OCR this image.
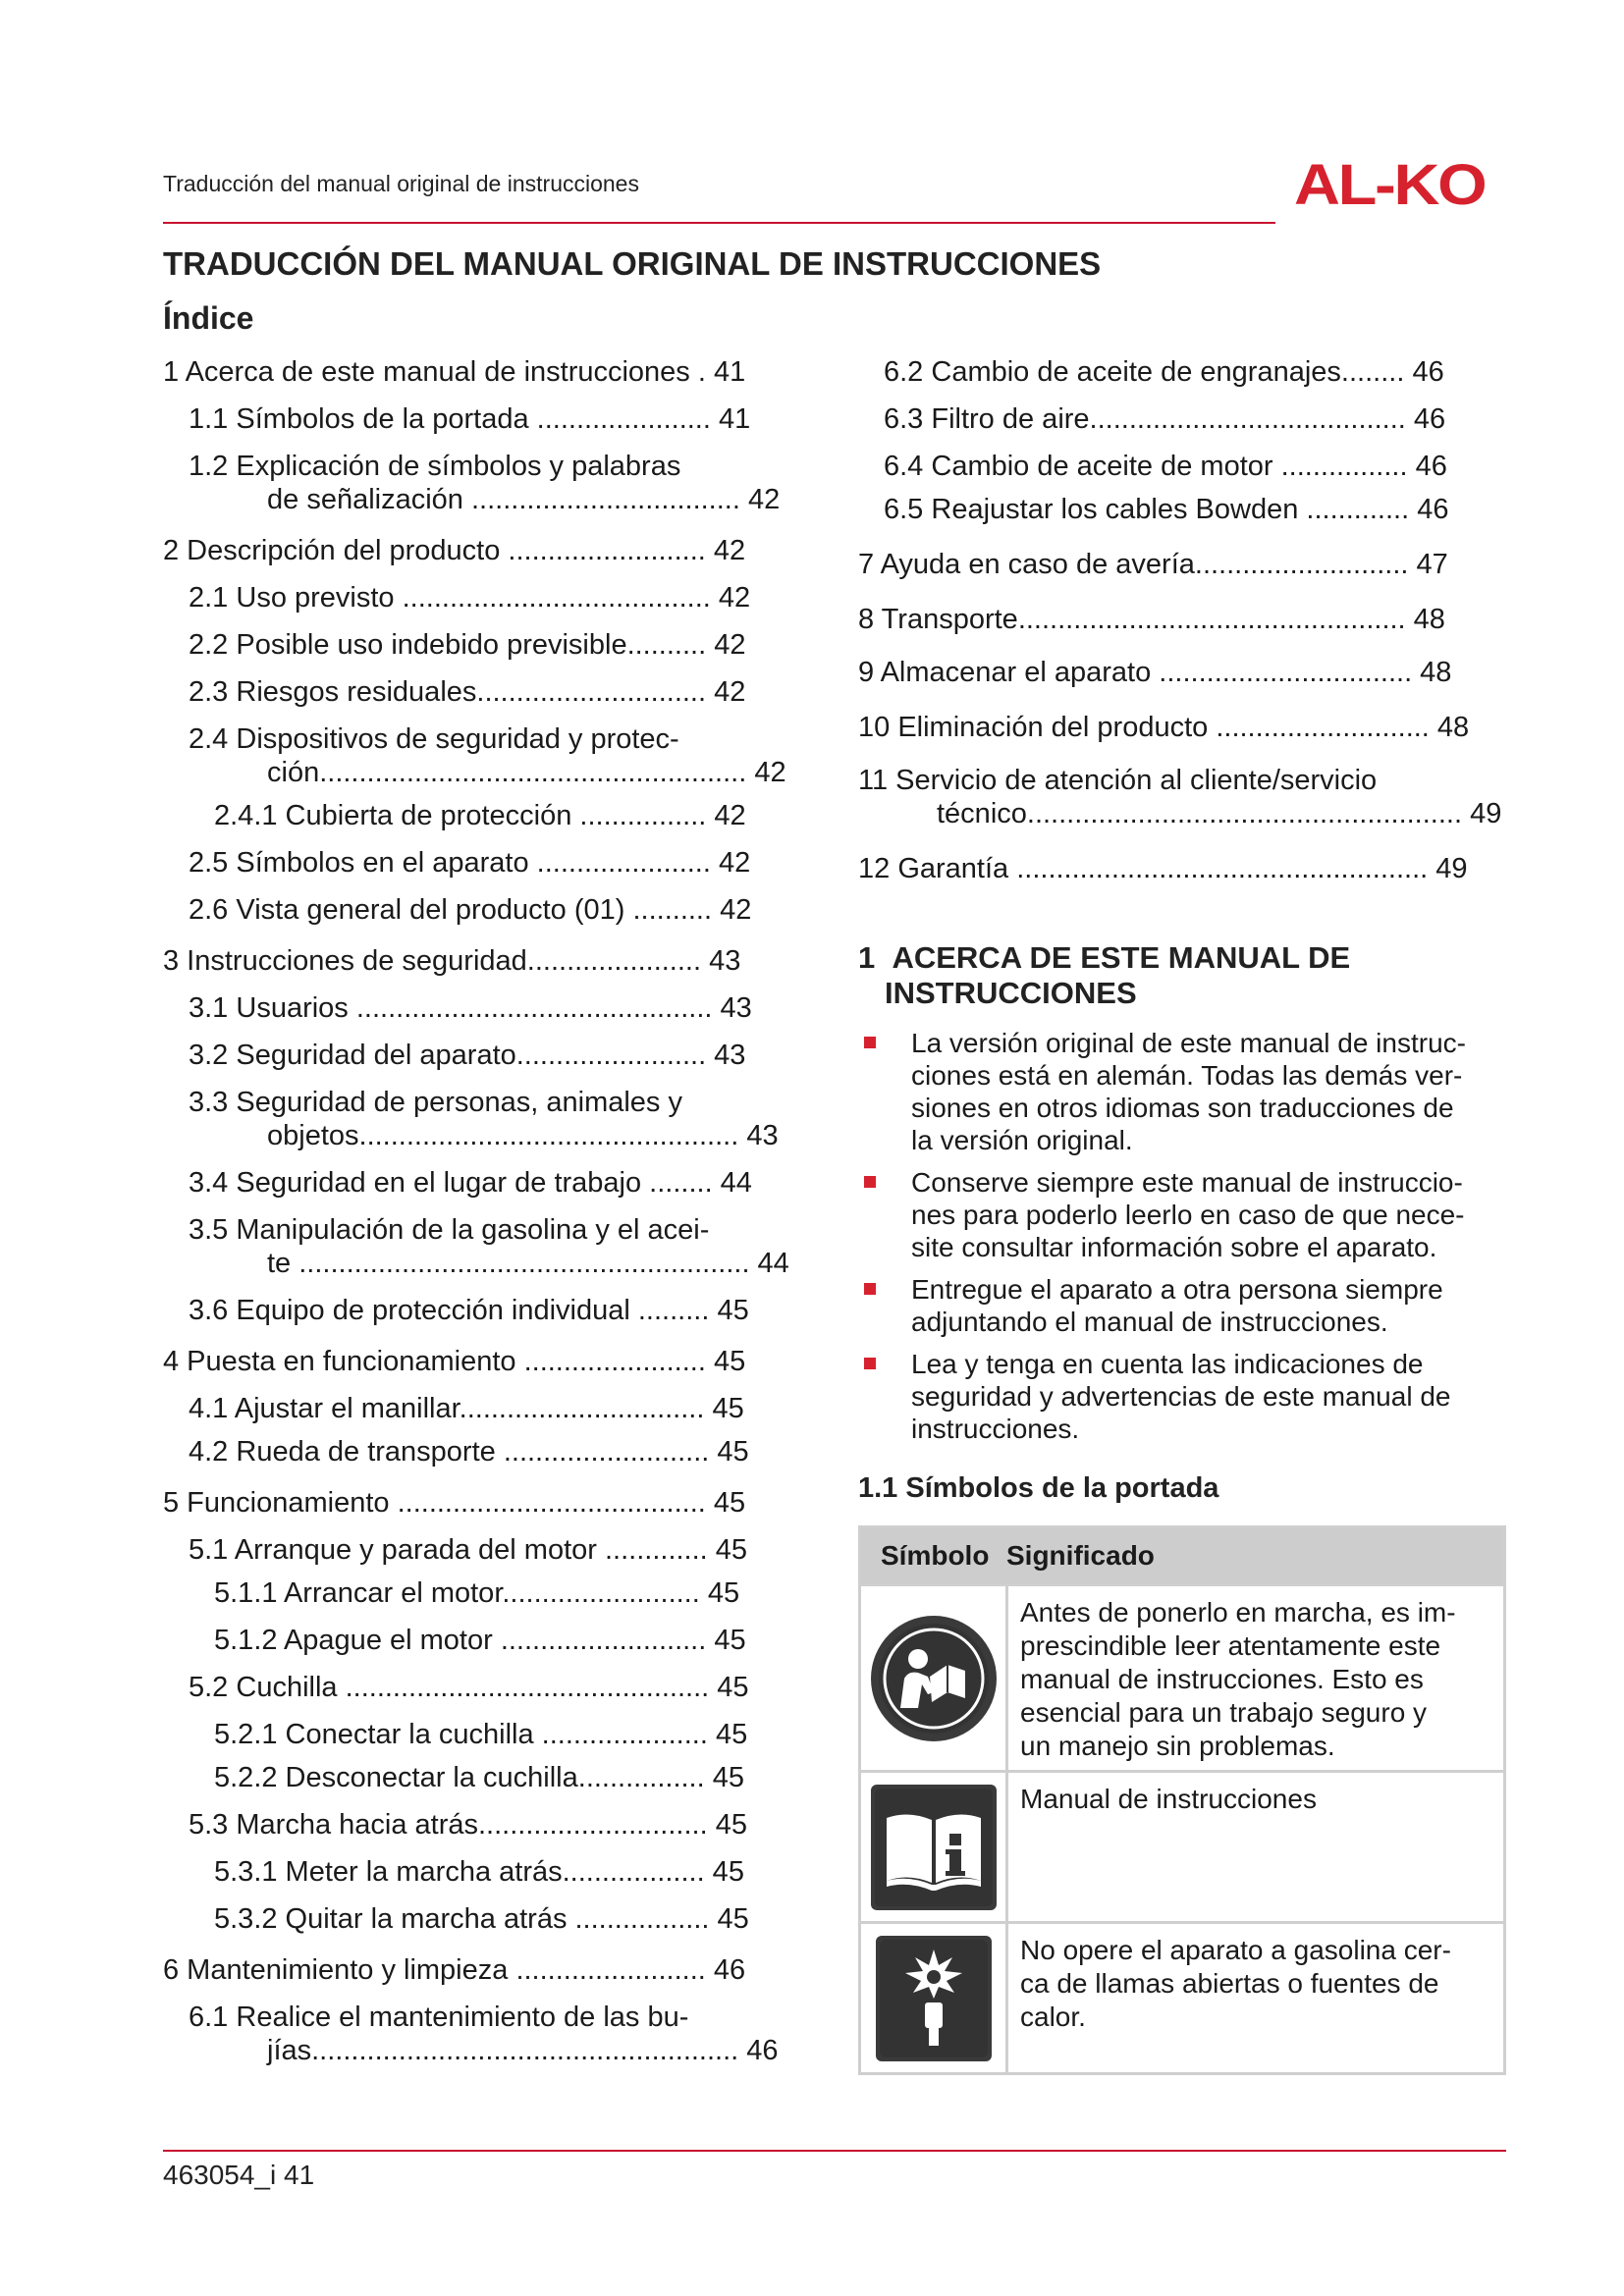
Traducción del manual original de instrucciones	AL-KO
TRADUCCIÓN DEL MANUAL ORIGINAL DE INSTRUCCIONES
Índice
1 Acerca de este manual de instrucciones . 41
1.1 Símbolos de la portada ...................... 41
1.2 Explicación de símbolos y palabras
de señalización .................................. 42
2 Descripción del producto ......................... 42
2.1 Uso previsto ....................................... 42
2.2 Posible uso indebido previsible.......... 42
2.3 Riesgos residuales............................. 42
2.4 Dispositivos de seguridad y protec-
ción...................................................... 42
2.4.1 Cubierta de protección ................ 42
2.5 Símbolos en el aparato ...................... 42
2.6 Vista general del producto (01) .......... 42
3 Instrucciones de seguridad...................... 43
3.1 Usuarios ............................................. 43
3.2 Seguridad del aparato........................ 43
3.3 Seguridad de personas, animales y
objetos................................................ 43
3.4 Seguridad en el lugar de trabajo ........ 44
3.5 Manipulación de la gasolina y el acei-
te ......................................................... 44
3.6 Equipo de protección individual ......... 45
4 Puesta en funcionamiento ....................... 45
4.1 Ajustar el manillar............................... 45
4.2 Rueda de transporte .......................... 45
5 Funcionamiento ....................................... 45
5.1 Arranque y parada del motor ............. 45
5.1.1 Arrancar el motor......................... 45
5.1.2 Apague el motor .......................... 45
5.2 Cuchilla .............................................. 45
5.2.1 Conectar la cuchilla ..................... 45
5.2.2 Desconectar la cuchilla................ 45
5.3 Marcha hacia atrás............................. 45
5.3.1 Meter la marcha atrás.................. 45
5.3.2 Quitar la marcha atrás ................. 45
6 Mantenimiento y limpieza ........................ 46
6.1 Realice el mantenimiento de las bu-
jías...................................................... 46
6.2 Cambio de aceite de engranajes........ 46
6.3 Filtro de aire........................................ 46
6.4 Cambio de aceite de motor ................ 46
6.5 Reajustar los cables Bowden ............. 46
7 Ayuda en caso de avería........................... 47
8 Transporte................................................. 48
9 Almacenar el aparato ................................ 48
10 Eliminación del producto ........................... 48
11 Servicio de atención al cliente/servicio
técnico....................................................... 49
12 Garantía .................................................... 49
1 ACERCA DE ESTE MANUAL DE
INSTRUCCIONES
La versión original de este manual de instruc-
ciones está en alemán. Todas las demás ver-
siones en otros idiomas son traducciones de
la versión original.
Conserve siempre este manual de instruccio-
nes para poderlo leerlo en caso de que nece-
site consultar información sobre el aparato.
Entregue el aparato a otra persona siempre
adjuntando el manual de instrucciones.
Lea y tenga en cuenta las indicaciones de
seguridad y advertencias de este manual de
instrucciones.
1.1 Símbolos de la portada
Símbolo Significado
Antes de ponerlo en marcha, es im-
prescindible leer atentamente este
manual de instrucciones. Esto es
esencial para un trabajo seguro y
un manejo sin problemas.
Manual de instrucciones
No opere el aparato a gasolina cer-
ca de llamas abiertas o fuentes de
calor.
463054_i 41
